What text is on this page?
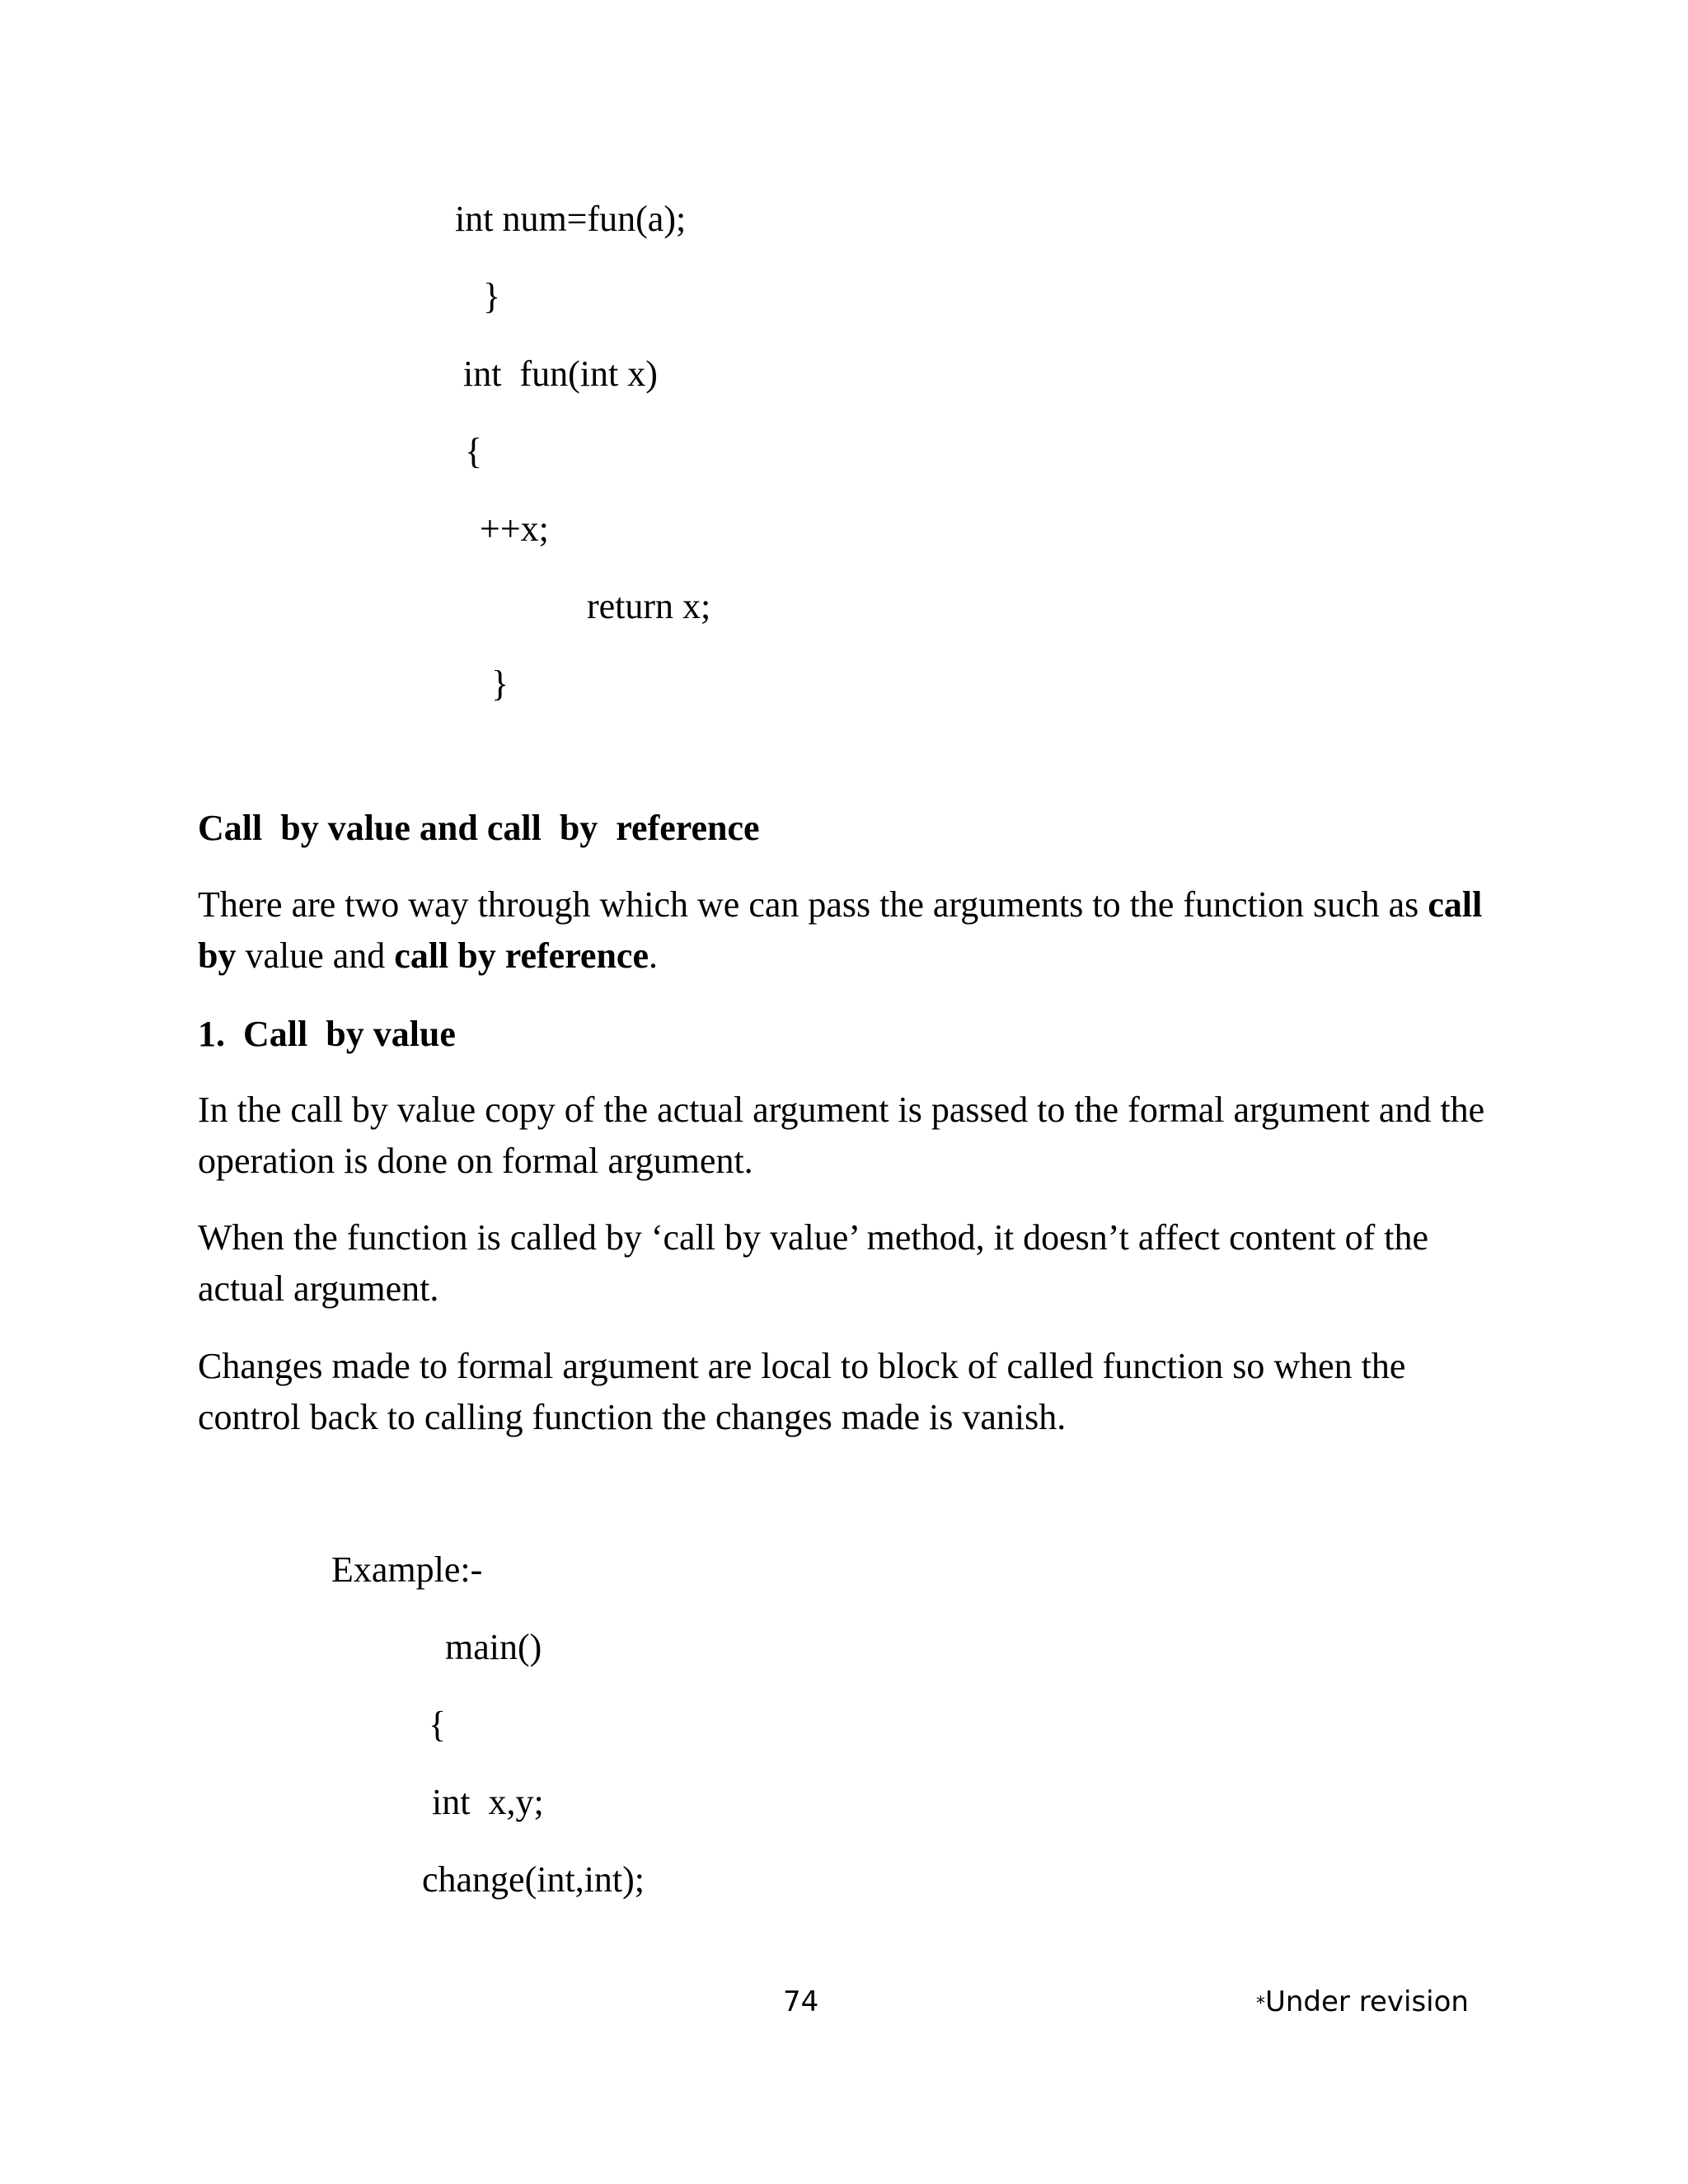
int num=fun(a);
}
int  fun(int x)
{
++x;
return x;
}
Call  by value and call  by  reference
There are two way through which we can pass the arguments to the function such as call by value and call by reference.
1.  Call  by value
In the call by value copy of the actual argument is passed to the formal argument and the operation is done on formal argument.
When the function is called by ‘call by value’ method, it doesn’t affect content of the actual argument.
Changes made to formal argument are local to block of called function so when the control back to calling function the changes made is vanish.
Example:-
main()
{
int  x,y;
change(int,int);
74	*Under revision
